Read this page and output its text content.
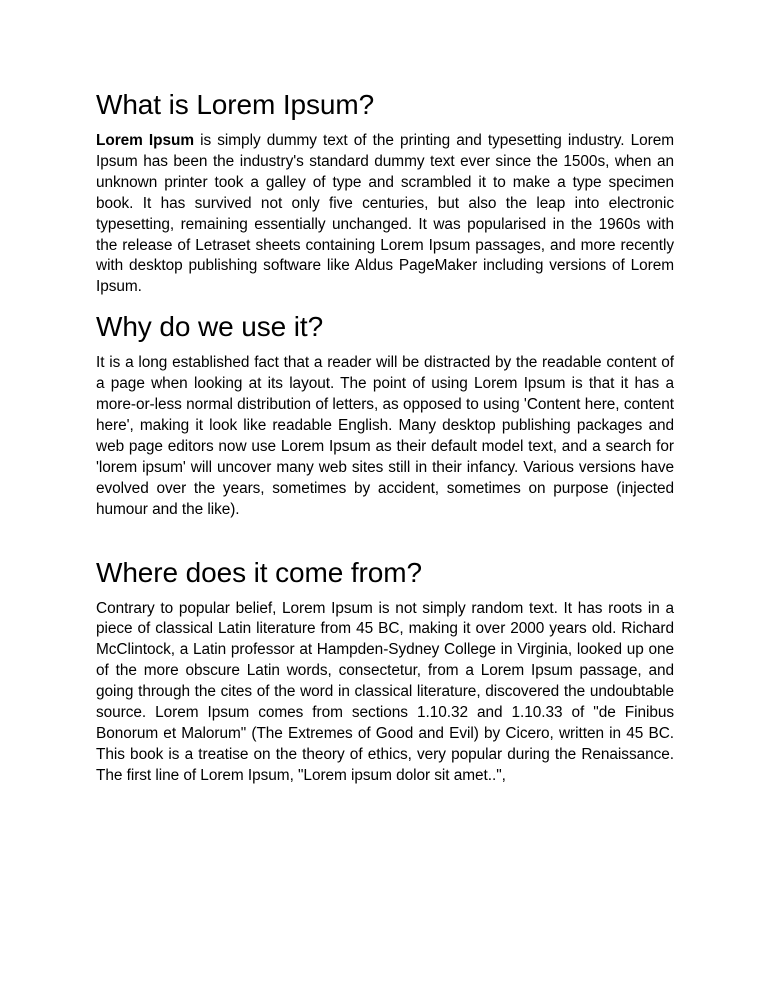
What is Lorem Ipsum?

Lorem Ipsum is simply dummy text of the printing and typesetting industry. Lorem Ipsum has been the industry's standard dummy text ever since the 1500s, when an unknown printer took a galley of type and scrambled it to make a type specimen book. It has survived not only five centuries, but also the leap into electronic typesetting, remaining essentially unchanged. It was popularised in the 1960s with the release of Letraset sheets containing Lorem Ipsum passages, and more recently with desktop publishing software like Aldus PageMaker including versions of Lorem Ipsum.

Why do we use it?

It is a long established fact that a reader will be distracted by the readable content of a page when looking at its layout. The point of using Lorem Ipsum is that it has a more-or-less normal distribution of letters, as opposed to using 'Content here, content here', making it look like readable English. Many desktop publishing packages and web page editors now use Lorem Ipsum as their default model text, and a search for 'lorem ipsum' will uncover many web sites still in their infancy. Various versions have evolved over the years, sometimes by accident, sometimes on purpose (injected humour and the like).

Where does it come from?

Contrary to popular belief, Lorem Ipsum is not simply random text. It has roots in a piece of classical Latin literature from 45 BC, making it over 2000 years old. Richard McClintock, a Latin professor at Hampden-Sydney College in Virginia, looked up one of the more obscure Latin words, consectetur, from a Lorem Ipsum passage, and going through the cites of the word in classical literature, discovered the undoubtable source. Lorem Ipsum comes from sections 1.10.32 and 1.10.33 of "de Finibus Bonorum et Malorum" (The Extremes of Good and Evil) by Cicero, written in 45 BC. This book is a treatise on the theory of ethics, very popular during the Renaissance. The first line of Lorem Ipsum, "Lorem ipsum dolor sit amet..",
